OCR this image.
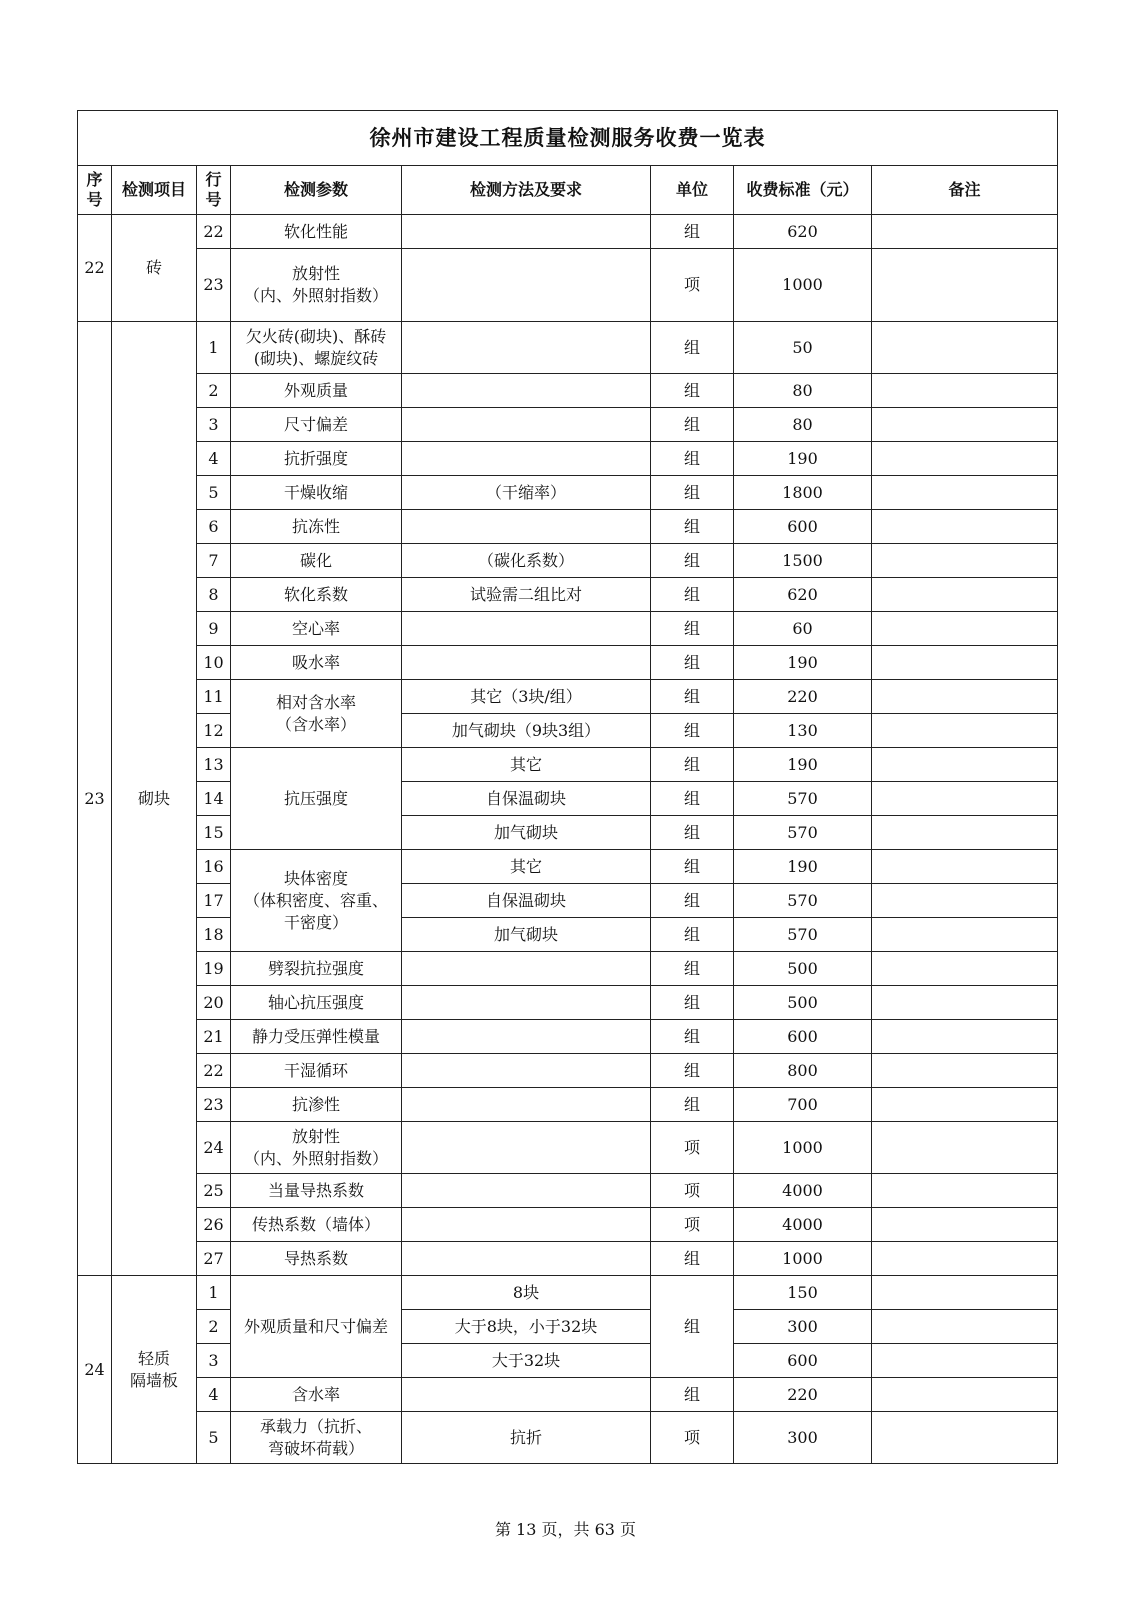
徐州市建设工程质量检测服务收费一览表							
序
号	检测项目	行
号	检测参数	检测方法及要求	单位	收费标准（元）	备注
22	砖	22	软化性能		组	620	
		23	放射性
（内、外照射指数）		项	1000	
23	砌块	1	欠火砖(砌块)、酥砖
(砌块)、螺旋纹砖		组	50	
		2	外观质量		组	80	
		3	尺寸偏差		组	80	
		4	抗折强度		组	190	
		5	干燥收缩	（干缩率）	组	1800	
		6	抗冻性		组	600	
		7	碳化	（碳化系数）	组	1500	
		8	软化系数	试验需二组比对	组	620	
		9	空心率		组	60	
		10	吸水率		组	190	
		11	相对含水率
（含水率）	其它（3块/组）	组	220	
		12		加气砌块（9块3组）	组	130	
		13	抗压强度	其它	组	190	
		14		自保温砌块	组	570	
		15		加气砌块	组	570	
		16	块体密度
（体积密度、容重、
干密度）	其它	组	190	
		17		自保温砌块	组	570	
		18		加气砌块	组	570	
		19	劈裂抗拉强度		组	500	
		20	轴心抗压强度		组	500	
		21	静力受压弹性模量		组	600	
		22	干湿循环		组	800	
		23	抗渗性		组	700	
		24	放射性
（内、外照射指数）		项	1000	
		25	当量导热系数		项	4000	
		26	传热系数（墙体）		项	4000	
		27	导热系数		组	1000	
24	轻质
隔墙板	1	外观质量和尺寸偏差	8块	组	150	
		2		大于8块，小于32块		300	
		3		大于32块		600	
		4	含水率		组	220	
		5	承载力（抗折、
弯破坏荷载）	抗折	项	300	
第 13 页，共 63 页
